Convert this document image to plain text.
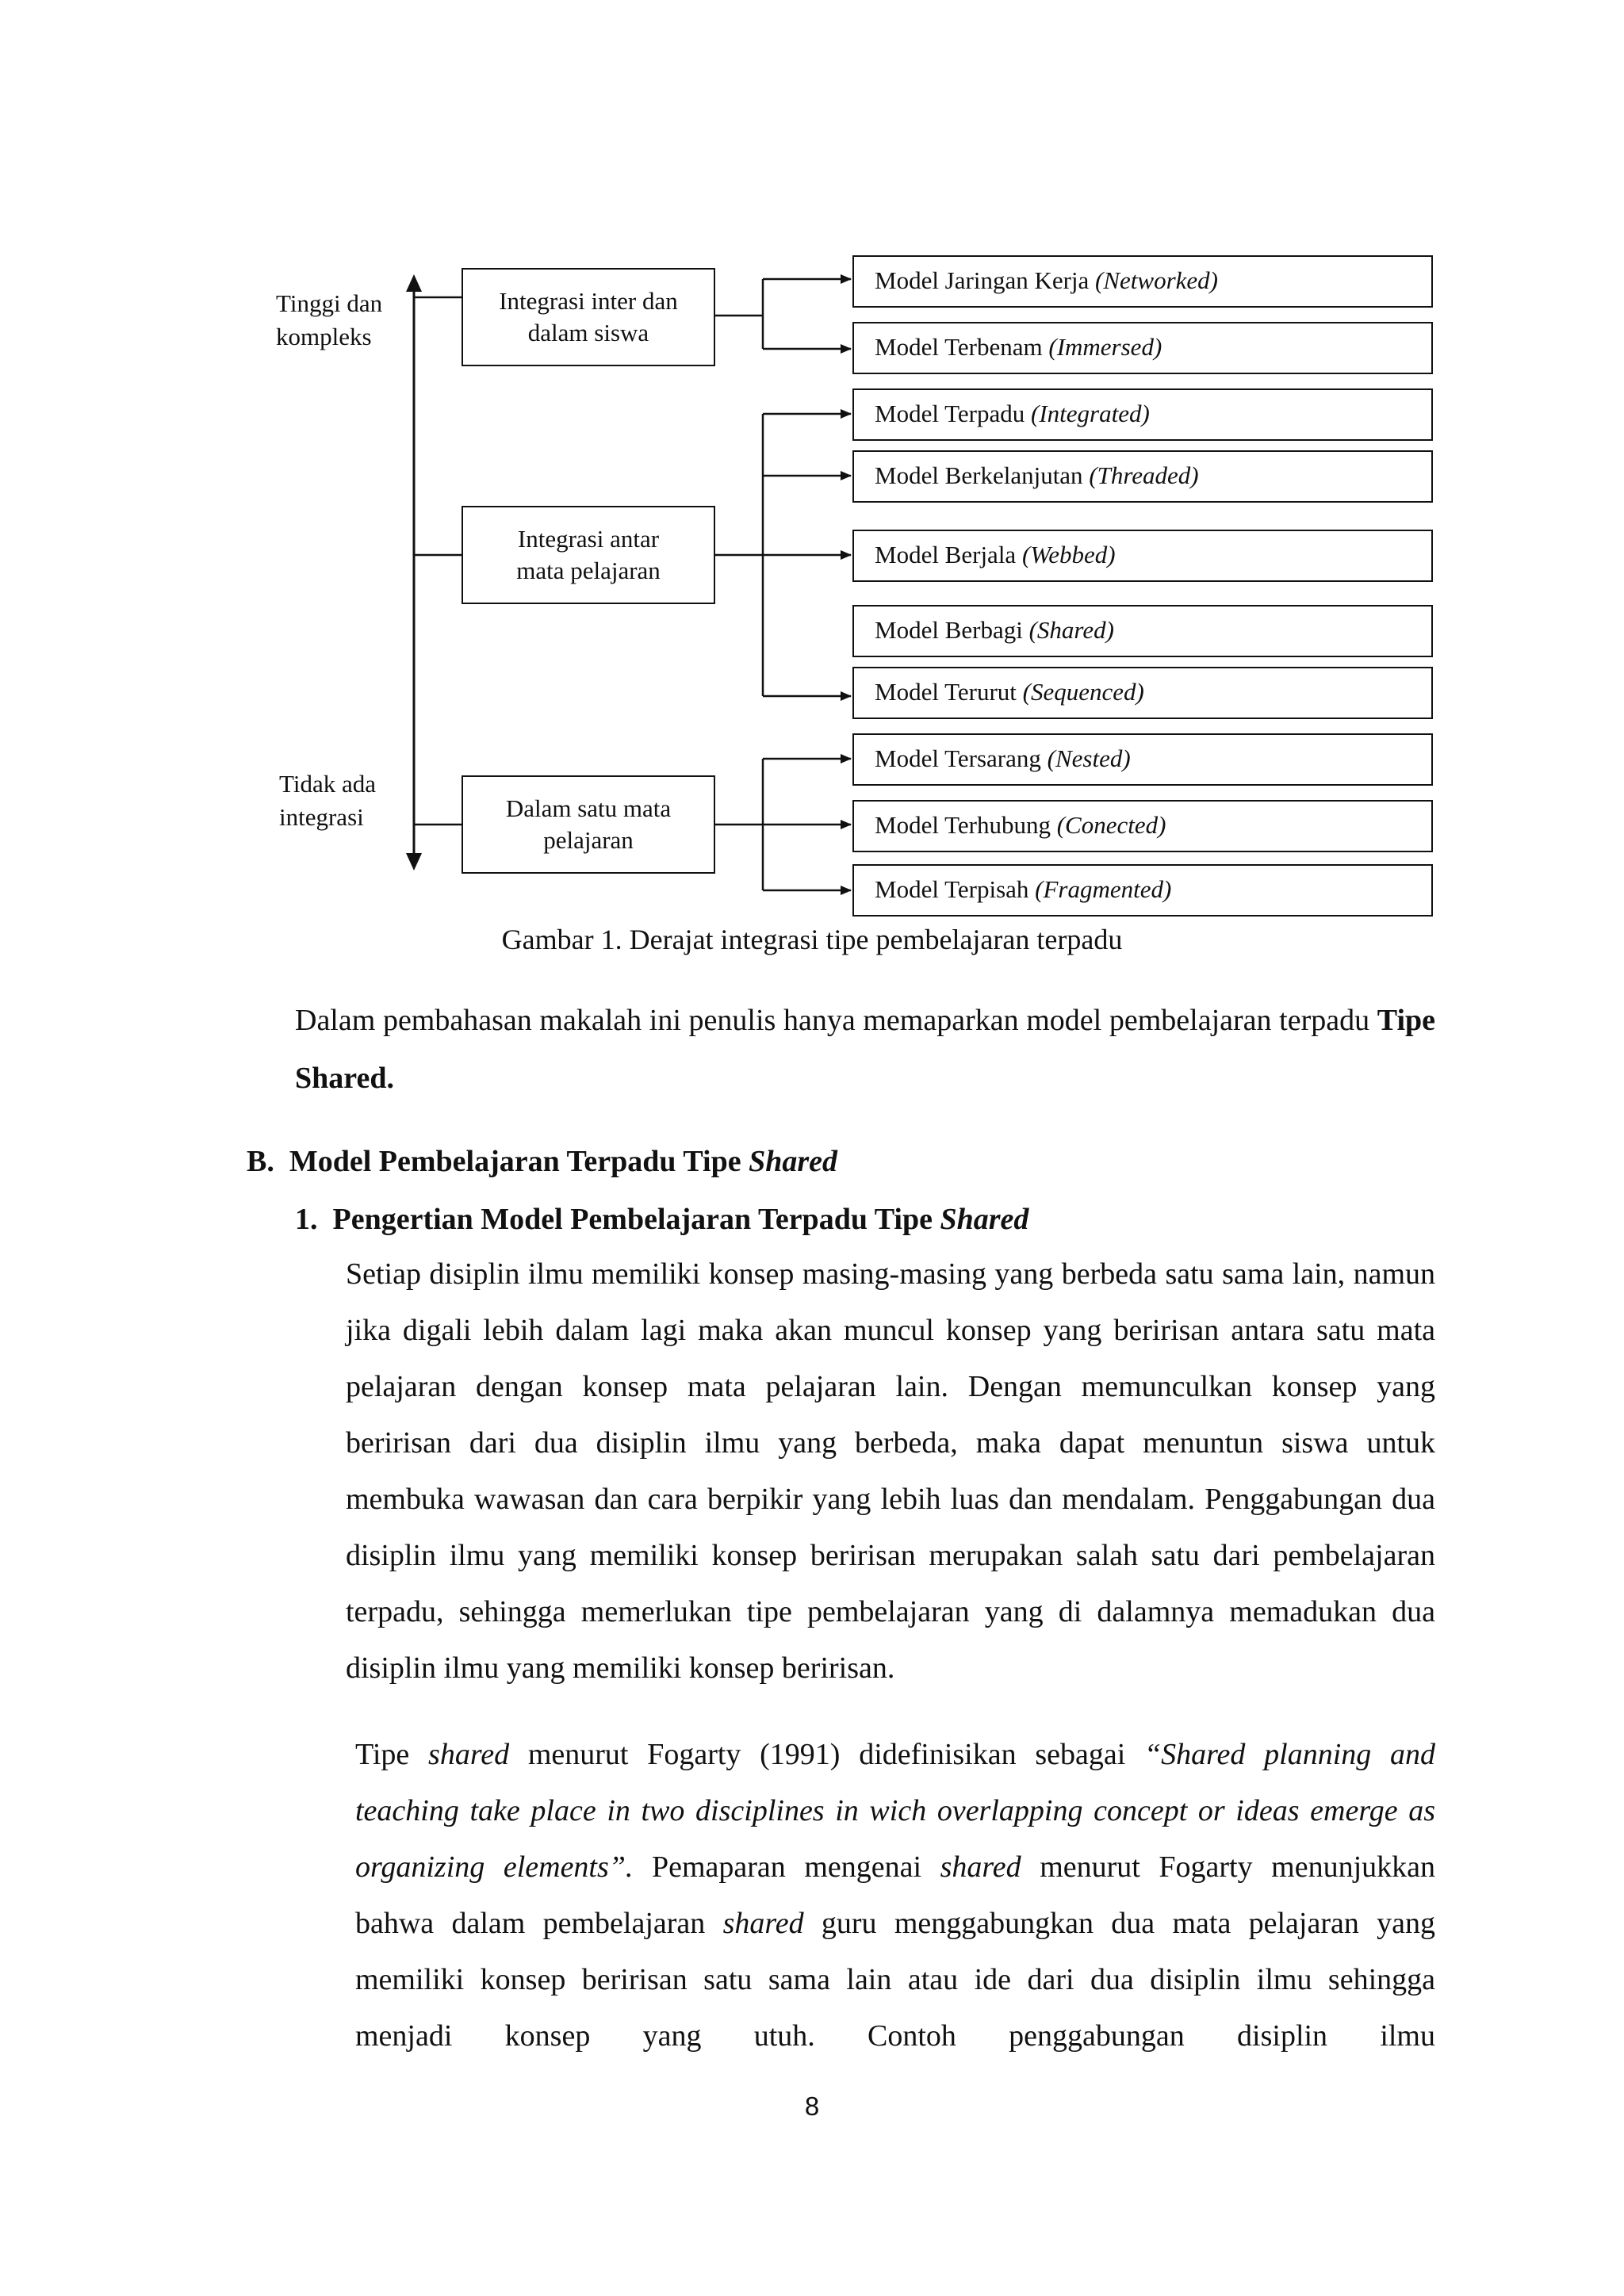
Tinggi dan
kompleks
Tidak ada
integrasi
Integrasi inter dan
dalam siswa
Integrasi antar
mata pelajaran
Dalam satu mata
pelajaran
Model Jaringan Kerja (Networked)
Model Terbenam (Immersed)
Model Terpadu (Integrated)
Model Berkelanjutan (Threaded)
Model Berjala (Webbed)
Model Berbagi (Shared)
Model Terurut (Sequenced)
Model Tersarang (Nested)
Model Terhubung (Conected)
Model Terpisah (Fragmented)
Gambar 1. Derajat integrasi tipe pembelajaran terpadu
Dalam pembahasan makalah ini penulis hanya memaparkan model pembelajaran terpadu Tipe Shared.
B. Model Pembelajaran Terpadu Tipe Shared
1. Pengertian Model Pembelajaran Terpadu Tipe Shared
Setiap disiplin ilmu memiliki konsep masing-masing yang berbeda satu sama lain, namun jika digali lebih dalam lagi maka akan muncul konsep yang beririsan antara satu mata pelajaran dengan konsep mata pelajaran lain. Dengan memunculkan konsep yang beririsan dari dua disiplin ilmu yang berbeda, maka dapat menuntun siswa untuk membuka wawasan dan cara berpikir yang lebih luas dan mendalam. Penggabungan dua disiplin ilmu yang memiliki konsep beririsan merupakan salah satu dari pembelajaran terpadu, sehingga memerlukan tipe pembelajaran yang di dalamnya memadukan dua disiplin ilmu yang memiliki konsep beririsan.
Tipe shared menurut Fogarty (1991) didefinisikan sebagai “Shared planning and teaching take place in two disciplines in wich overlapping concept or ideas emerge as organizing elements”. Pemaparan mengenai shared menurut Fogarty menunjukkan bahwa dalam pembelajaran shared guru menggabungkan dua mata pelajaran yang memiliki konsep beririsan satu sama lain atau ide dari dua disiplin ilmu sehingga menjadi konsep yang utuh. Contoh penggabungan disiplin ilmu
8
